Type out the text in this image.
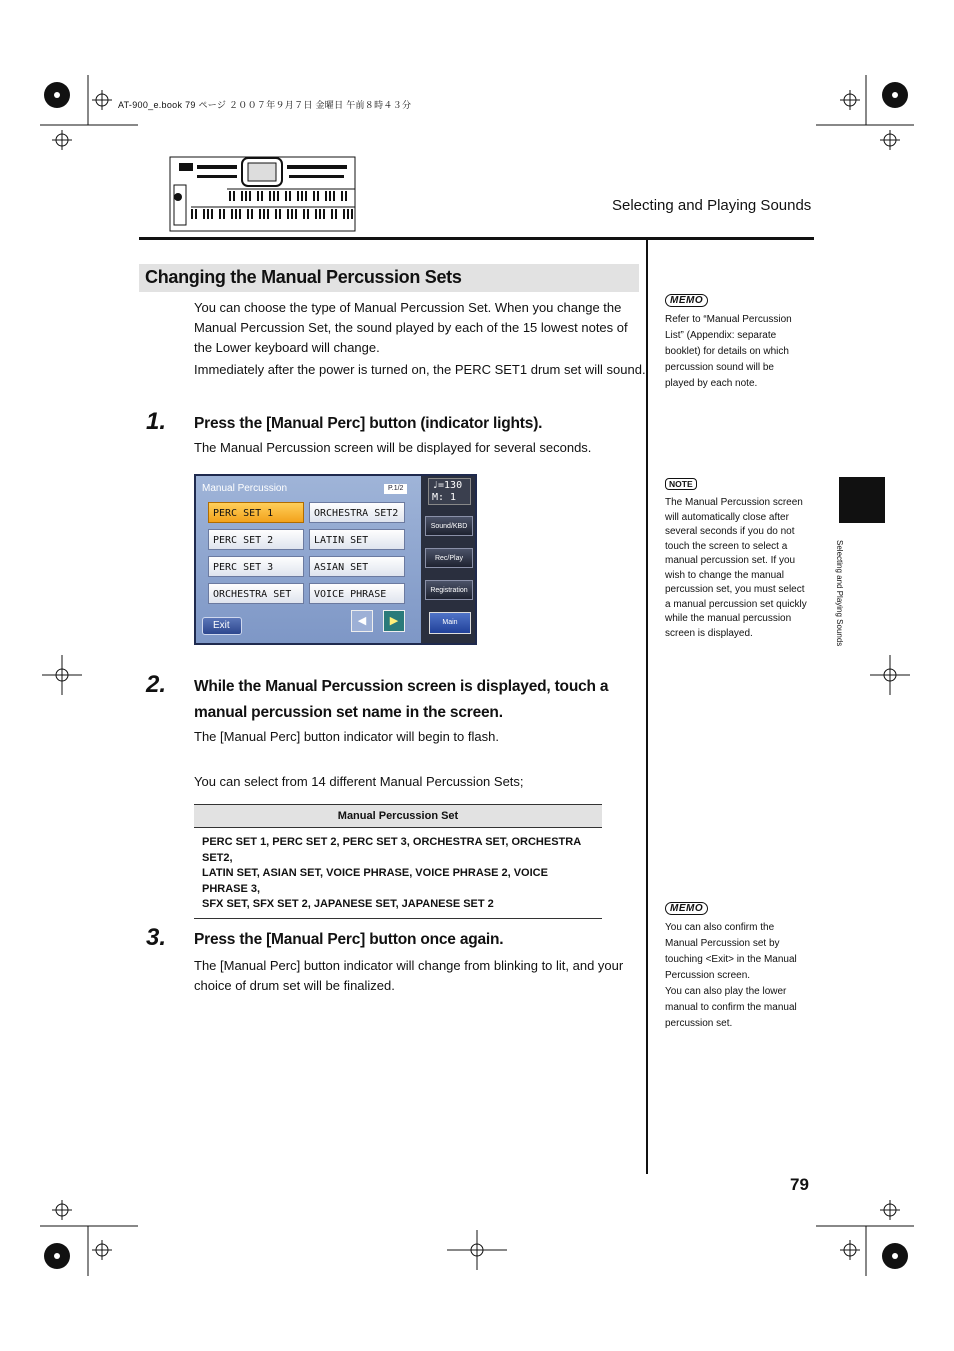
AT-900_e.book 79 ページ ２００７年９月７日 金曜日 午前８時４３分
Selecting and Playing Sounds
Selecting and Playing Sounds
Changing the Manual Percussion Sets
You can choose the type of Manual Percussion Set. When you change the
Manual Percussion Set, the sound played by each of the 15 lowest notes of
the Lower keyboard will change.
Immediately after the power is turned on, the PERC SET1 drum set will sound.
1. Press the [Manual Perc] button (indicator lights).
The Manual Percussion screen will be displayed for several seconds.
Manual Percussion	P.1/2
PERC SET 1	ORCHESTRA SET2
PERC SET 2	LATIN SET
PERC SET 3	ASIAN SET
ORCHESTRA SET	VOICE PHRASE
Exit	◀	▶
♩=130
M: 1
Sound/KBD
Rec/Play
Registration
Main
2. While the Manual Percussion screen is displayed, touch a
manual percussion set name in the screen.
The [Manual Perc] button indicator will begin to flash.
You can select from 14 different Manual Percussion Sets;
Manual Percussion Set
PERC SET 1, PERC SET 2, PERC SET 3, ORCHESTRA SET, ORCHESTRA SET2,
LATIN SET, ASIAN SET, VOICE PHRASE, VOICE PHRASE 2, VOICE PHRASE 3,
SFX SET, SFX SET 2, JAPANESE SET, JAPANESE SET 2
3. Press the [Manual Perc] button once again.
The [Manual Perc] button indicator will change from blinking to lit, and your
choice of drum set will be finalized.
MEMO
Refer to “Manual Percussion
List” (Appendix: separate
booklet) for details on which
percussion sound will be
played by each note.
NOTE
The Manual Percussion screen
will automatically close after
several seconds if you do not
touch the screen to select a
manual percussion set. If you
wish to change the manual
percussion set, you must select
a manual percussion set quickly
while the manual percussion
screen is displayed.
MEMO
You can also confirm the
Manual Percussion set by
touching <Exit> in the Manual
Percussion screen.
You can also play the lower
manual to confirm the manual
percussion set.
79
